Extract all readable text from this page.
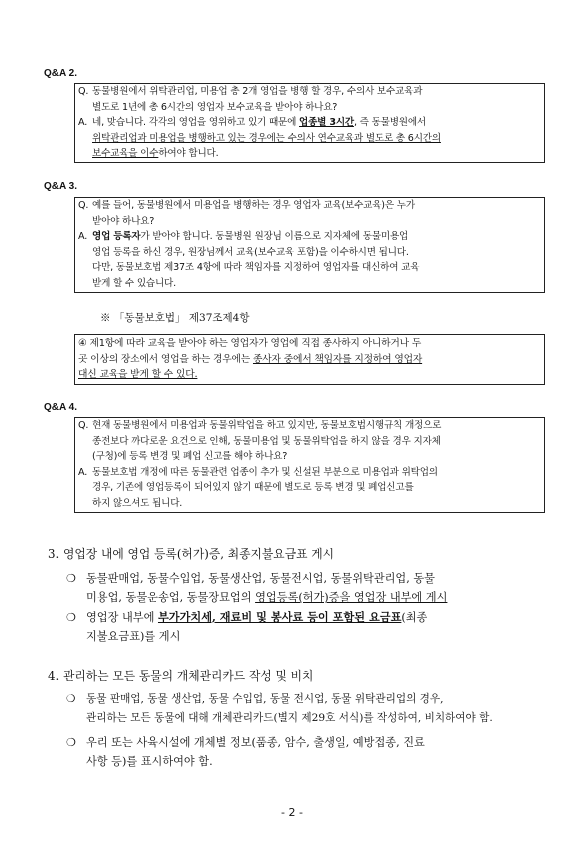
Q&A 2.
Q. 동물병원에서 위탁관리업, 미용업 총 2개 영업을 병행 할 경우, 수의사 보수교육과
별도로 1년에 총 6시간의 영업자 보수교육을 받아야 하나요?
A. 네, 맞습니다. 각각의 영업을 영위하고 있기 때문에 업종별 3시간, 즉 동물병원에서
위탁관리업과 미용업을 병행하고 있는 경우에는 수의사 연수교육과 별도로 총 6시간의
보수교육을 이수하여야 합니다.
Q&A 3.
Q. 예를 들어, 동물병원에서 미용업을 병행하는 경우 영업자 교육(보수교육)은 누가
받아야 하나요?
A. 영업 등록자가 받아야 합니다. 동물병원 원장님 이름으로 지자체에 동물미용업
영업 등록을 하신 경우, 원장님께서 교육(보수교육 포함)을 이수하시면 됩니다.
다만, 동물보호법 제37조 4항에 따라 책임자를 지정하여 영업자를 대신하여 교육
받게 할 수 있습니다.
※ 「동물보호법」 제37조제4항
④ 제1항에 따라 교육을 받아야 하는 영업자가 영업에 직접 종사하지 아니하거나 두
곳 이상의 장소에서 영업을 하는 경우에는 종사자 중에서 책임자를 지정하여 영업자
대신 교육을 받게 할 수 있다.
Q&A 4.
Q. 현재 동물병원에서 미용업과 동물위탁업을 하고 있지만, 동물보호법시행규칙 개정으로
종전보다 까다로운 요건으로 인해, 동물미용업 및 동물위탁업을 하지 않을 경우 지자체
(구청)에 등록 변경 및 폐업 신고를 해야 하나요?
A. 동물보호법 개정에 따른 동물관련 업종이 추가 및 신설된 부분으로 미용업과 위탁업의
경우, 기존에 영업등록이 되어있지 않기 때문에 별도로 등록 변경 및 폐업신고를
하지 않으셔도 됩니다.
3. 영업장 내에 영업 등록(허가)증, 최종지불요금표 게시
❍ 동물판매업, 동물수입업, 동물생산업, 동물전시업, 동물위탁관리업, 동물
미용업, 동물운송업, 동물장묘업의 영업등록(허가)증을 영업장 내부에 게시
❍ 영업장 내부에 부가가치세, 재료비 및 봉사료 등이 포함된 요금표(최종
지불요금표)를 게시
4. 관리하는 모든 동물의 개체관리카드 작성 및 비치
❍ 동물 판매업, 동물 생산업, 동물 수입업, 동물 전시업, 동물 위탁관리업의 경우,
관리하는 모든 동물에 대해 개체관리카드(별지 제29호 서식)를 작성하여, 비치하여야 함.
❍ 우리 또는 사육시설에 개체별 정보(품종, 암수, 출생일, 예방접종, 진료
사항 등)를 표시하여야 함.
- 2 -
